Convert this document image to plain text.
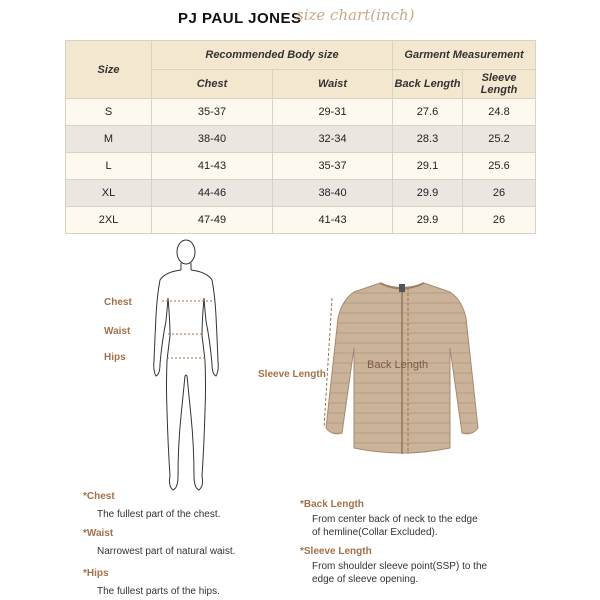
PJ PAUL JONES
size chart(inch)
Size	Recommended Body size		Garment Measurement	
	Chest	Waist	Back Length	Sleeve Length
S	35-37	29-31	27.6	24.8
M	38-40	32-34	28.3	25.2
L	41-43	35-37	29.1	25.6
XL	44-46	38-40	29.9	26
2XL	47-49	41-43	29.9	26
Chest
Waist
Hips
Back Length
Sleeve Length
*Chest
The fullest part of the chest.
*Waist
Narrowest part of natural waist.
*Hips
The fullest parts of the hips.
*Back Length
From center back of neck to the edge
of hemline(Collar Excluded).
*Sleeve Length
From shoulder sleeve point(SSP) to the
edge of sleeve opening.
